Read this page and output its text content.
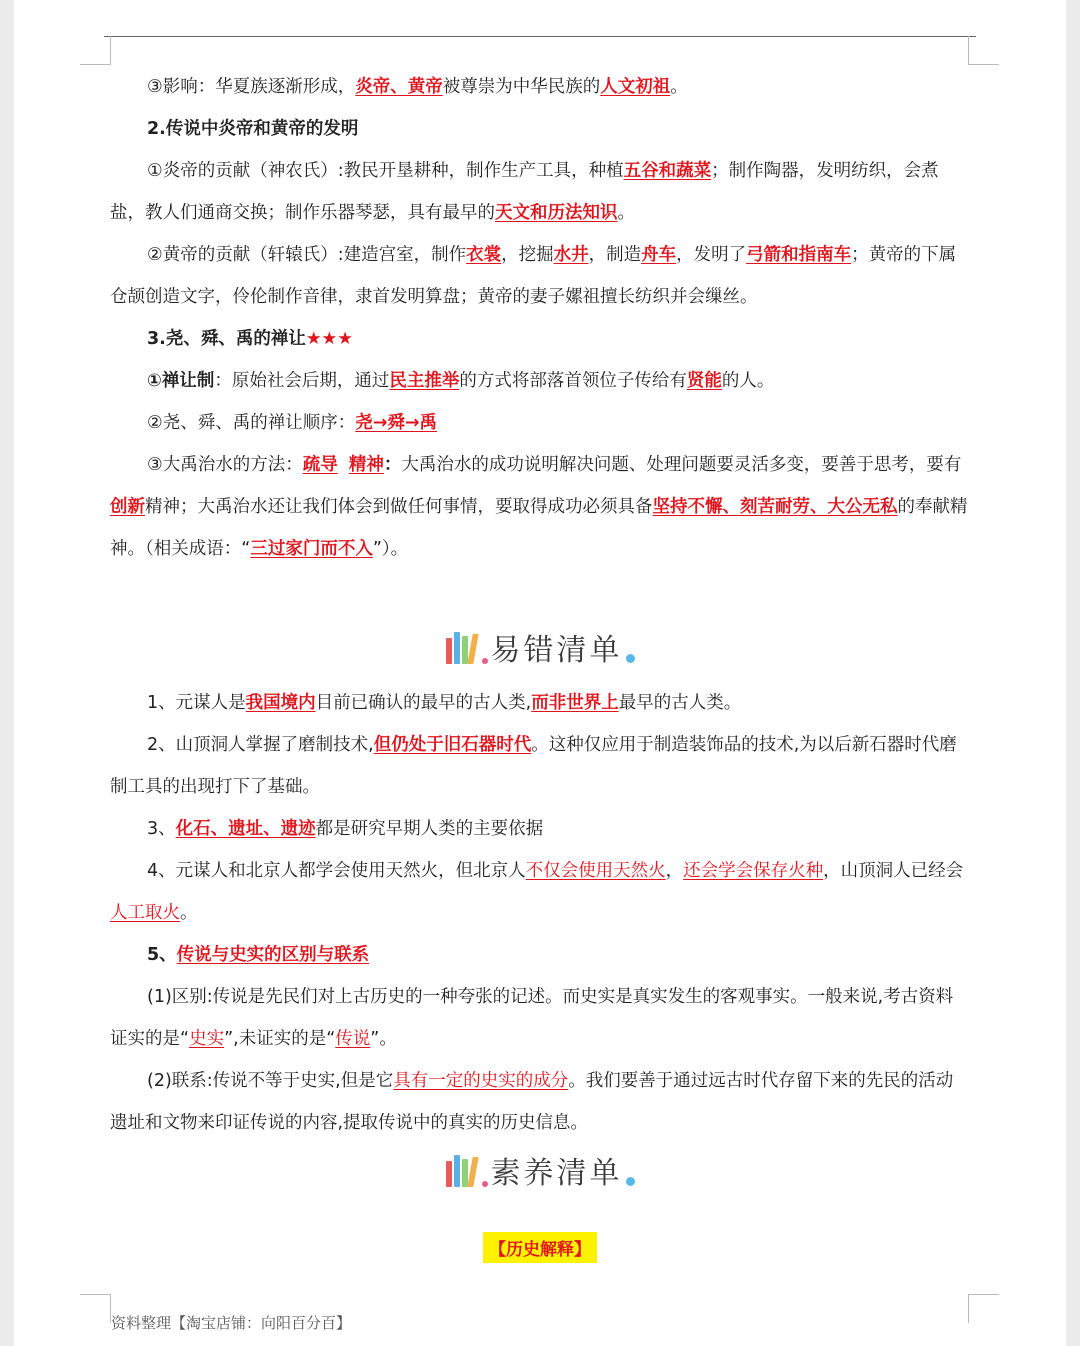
③影响：华夏族逐渐形成，炎帝、黄帝被尊崇为中华民族的人文初祖。

2.传说中炎帝和黄帝的发明

①炎帝的贡献（神农氏）:教民开垦耕种，制作生产工具，种植五谷和蔬菜；制作陶器，发明纺织，会煮盐，教人们通商交换；制作乐器琴瑟，具有最早的天文和历法知识。

②黄帝的贡献（轩辕氏）:建造宫室，制作衣裳，挖掘水井，制造舟车，发明了弓箭和指南车；黄帝的下属仓颉创造文字，伶伦制作音律，隶首发明算盘；黄帝的妻子嫘祖擅长纺织并会缫丝。

3.尧、舜、禹的禅让★★★

①禅让制：原始社会后期，通过民主推举的方式将部落首领位子传给有贤能的人。

②尧、舜、禹的禅让顺序：尧→舜→禹

③大禹治水的方法：疏导 精神：大禹治水的成功说明解决问题、处理问题要灵活多变，要善于思考，要有创新精神；大禹治水还让我们体会到做任何事情，要取得成功必须具备坚持不懈、刻苦耐劳、大公无私的奉献精神。（相关成语：“三过家门而不入”）。

易错清单

1、元谋人是我国境内目前已确认的最早的古人类,而非世界上最早的古人类。

2、山顶洞人掌握了磨制技术,但仍处于旧石器时代。这种仅应用于制造装饰品的技术,为以后新石器时代磨制工具的出现打下了基础。

3、化石、遗址、遗迹都是研究早期人类的主要依据

4、元谋人和北京人都学会使用天然火，但北京人不仅会使用天然火，还会学会保存火种，山顶洞人已经会人工取火。

5、传说与史实的区别与联系

(1)区别:传说是先民们对上古历史的一种夸张的记述。而史实是真实发生的客观事实。一般来说,考古资料证实的是“史实”,未证实的是“传说”。

(2)联系:传说不等于史实,但是它具有一定的史实的成分。我们要善于通过远古时代存留下来的先民的活动遗址和文物来印证传说的内容,提取传说中的真实的历史信息。

素养清单
【历史解释】
资料整理【淘宝店铺：向阳百分百】
